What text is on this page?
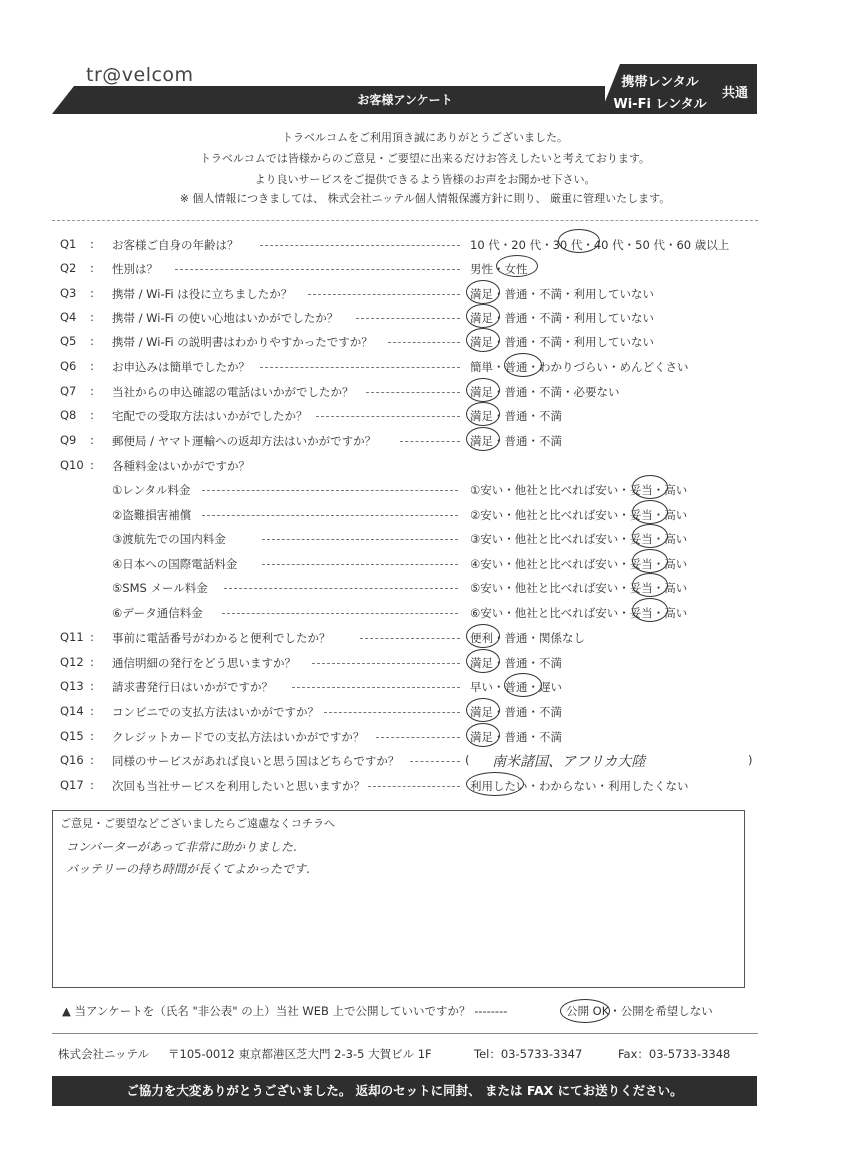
tr@velcom
お客様アンケート
携帯レンタル
Wi-Fi レンタル
共通
トラベルコムをご利用頂き誠にありがとうございました。
トラベルコムでは皆様からのご意見・ご要望に出来るだけお答えしたいと考えております。
より良いサービスをご提供できるよう皆様のお声をお聞かせ下さい。
※ 個人情報につきましては、 株式会社ニッテル個人情報保護方針に則り、 厳重に管理いたします。
Q1 : お客様ご自身の年齢は？	10 代・20 代・30 代・40 代・50 代・60 歳以上
Q2 : 性別は？	男性・女性
Q3 : 携帯 / Wi-Fi は役に立ちましたか？	満足・普通・不満・利用していない
Q4 : 携帯 / Wi-Fi の使い心地はいかがでしたか？	満足・普通・不満・利用していない
Q5 : 携帯 / Wi-Fi の説明書はわかりやすかったですか？	満足・普通・不満・利用していない
Q6 : お申込みは簡単でしたか？	簡単・普通・わかりづらい・めんどくさい
Q7 : 当社からの申込確認の電話はいかがでしたか？	満足・普通・不満・必要ない
Q8 : 宅配での受取方法はいかがでしたか？	満足・普通・不満
Q9 : 郵便局 / ヤマト運輸への返却方法はいかがですか？	満足・普通・不満
Q10 : 各種料金はいかがですか？
①レンタル料金	①安い・他社と比べれば安い・妥当・高い
②盗難損害補償	②安い・他社と比べれば安い・妥当・高い
③渡航先での国内料金	③安い・他社と比べれば安い・妥当・高い
④日本への国際電話料金	④安い・他社と比べれば安い・妥当・高い
⑤SMS メール料金	⑤安い・他社と比べれば安い・妥当・高い
⑥データ通信料金	⑥安い・他社と比べれば安い・妥当・高い
Q11 : 事前に電話番号がわかると便利でしたか？	便利・普通・関係なし
Q12 : 通信明細の発行をどう思いますか？	満足・普通・不満
Q13 : 請求書発行日はいかがですか？	早い・普通・遅い
Q14 : コンビニでの支払方法はいかがですか？	満足・普通・不満
Q15 : クレジットカードでの支払方法はいかがですか？	満足・普通・不満
Q16 : 同様のサービスがあれば良いと思う国はどちらですか？	( 南米諸国、アフリカ大陸	)
Q17 : 次回も当社サービスを利用したいと思いますか？	利用したい・わからない・利用したくない
ご意見・ご要望などございましたらご遠慮なくコチラへ
コンバーターがあって非常に助かりました.
バッテリーの持ち時間が長くてよかったです.
▲ 当アンケートを（氏名 "非公表" の上）当社 WEB 上で公開していいですか？ --------	公開 OK・公開を希望しない
株式会社ニッテル 〒105-0012 東京都港区芝大門 2-3-5 大賀ビル 1F	Tel：03-5733-3347	Fax：03-5733-3348
ご協力を大変ありがとうございました。 返却のセットに同封、 または FAX にてお送りください。
